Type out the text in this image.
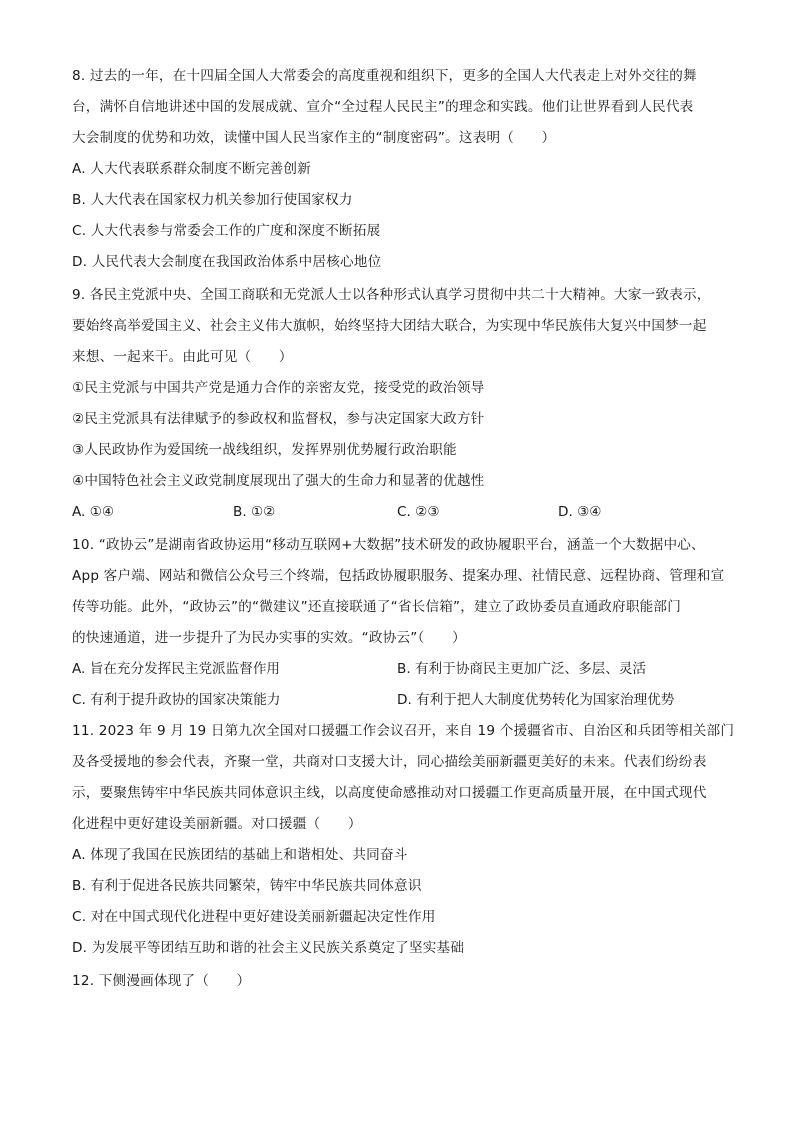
8. 过去的一年，在十四届全国人大常委会的高度重视和组织下，更多的全国人大代表走上对外交往的舞
台，满怀自信地讲述中国的发展成就、宣介“全过程人民民主”的理念和实践。他们让世界看到人民代表
大会制度的优势和功效，读懂中国人民当家作主的“制度密码”。这表明（　　）
A. 人大代表联系群众制度不断完善创新
B. 人大代表在国家权力机关参加行使国家权力
C. 人大代表参与常委会工作的广度和深度不断拓展
D. 人民代表大会制度在我国政治体系中居核心地位
9. 各民主党派中央、全国工商联和无党派人士以各种形式认真学习贯彻中共二十大精神。大家一致表示，
要始终高举爱国主义、社会主义伟大旗帜，始终坚持大团结大联合，为实现中华民族伟大复兴中国梦一起
来想、一起来干。由此可见（　　）
①民主党派与中国共产党是通力合作的亲密友党，接受党的政治领导
②民主党派具有法律赋予的参政权和监督权，参与决定国家大政方针
③人民政协作为爱国统一战线组织，发挥界别优势履行政治职能
④中国特色社会主义政党制度展现出了强大的生命力和显著的优越性
A. ①④	B. ①②	C. ②③	D. ③④
10. “政协云”是湖南省政协运用“移动互联网+大数据”技术研发的政协履职平台，涵盖一个大数据中心、
App 客户端、网站和微信公众号三个终端，包括政协履职服务、提案办理、社情民意、远程协商、管理和宣
传等功能。此外，“政协云”的“微建议”还直接联通了“省长信箱”，建立了政协委员直通政府职能部门
的快速通道，进一步提升了为民办实事的实效。“政协云”（　　）
A. 旨在充分发挥民主党派监督作用	B. 有利于协商民主更加广泛、多层、灵活
C. 有利于提升政协的国家决策能力	D. 有利于把人大制度优势转化为国家治理优势
11. 2023 年 9 月 19 日第九次全国对口援疆工作会议召开，来自 19 个援疆省市、自治区和兵团等相关部门
及各受援地的参会代表，齐聚一堂，共商对口支援大计，同心描绘美丽新疆更美好的未来。代表们纷纷表
示，要聚焦铸牢中华民族共同体意识主线，以高度使命感推动对口援疆工作更高质量开展，在中国式现代
化进程中更好建设美丽新疆。对口援疆（　　）
A. 体现了我国在民族团结的基础上和谐相处、共同奋斗
B. 有利于促进各民族共同繁荣，铸牢中华民族共同体意识
C. 对在中国式现代化进程中更好建设美丽新疆起决定性作用
D. 为发展平等团结互助和谐的社会主义民族关系奠定了坚实基础
12. 下侧漫画体现了（　　）
